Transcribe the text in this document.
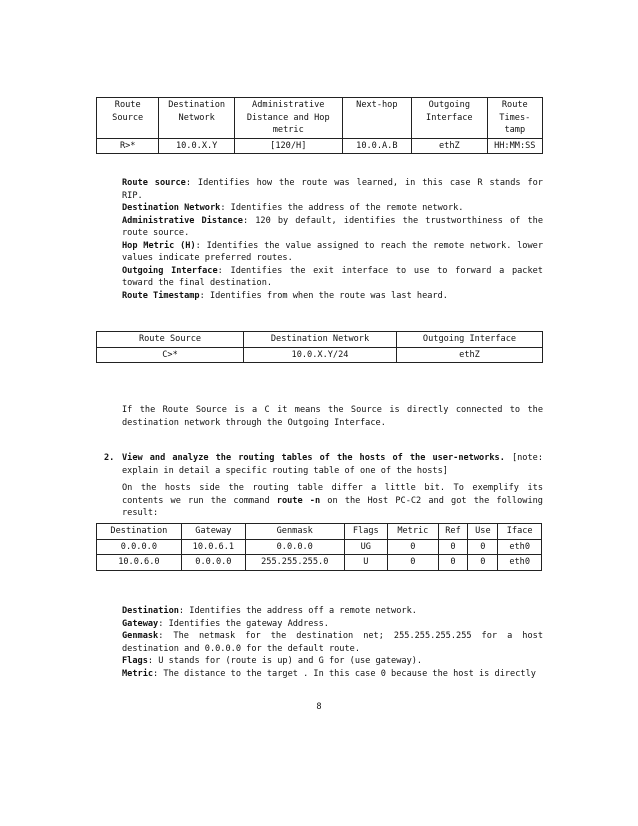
Route Source	Destination Network	Administrative Distance and Hop metric	Next-hop	Outgoing Interface	Route Times-tamp
R>*	10.0.X.Y	[120/H]	10.0.A.B	ethZ	HH:MM:SS

Route source: Identifies how the route was learned, in this case R stands for RIP.

Destination Network: Identifies the address of the remote network.

Administrative Distance: 120 by default, identifies the trustworthiness of the route source.

Hop Metric (H): Identifies the value assigned to reach the remote network. lower values indicate preferred routes.

Outgoing Interface: Identifies the exit interface to use to forward a packet toward the final destination.

Route Timestamp: Identifies from when the route was last heard.

Route Source	Destination Network	Outgoing Interface
C>*	10.0.X.Y/24	ethZ

If the Route Source is a C it means the Source is directly connected to the destination network through the Outgoing Interface.

2. View and analyze the routing tables of the hosts of the user-networks. [note: explain in detail a specific routing table of one of the hosts]

On the hosts side the routing table differ a little bit. To exemplify its contents we run the command route -n on the Host PC-C2 and got the following result:

Destination	Gateway	Genmask	Flags	Metric	Ref	Use	Iface
0.0.0.0	10.0.6.1	0.0.0.0	UG	0	0	0	eth0
10.0.6.0	0.0.0.0	255.255.255.0	U	0	0	0	eth0

Destination: Identifies the address off a remote network.

Gateway: Identifies the gateway Address.

Genmask: The netmask for the destination net; 255.255.255.255 for a host destination and 0.0.0.0 for the default route.

Flags: U stands for (route is up) and G for (use gateway).

Metric: The distance to the target . In this case 0 because the host is directly

8
